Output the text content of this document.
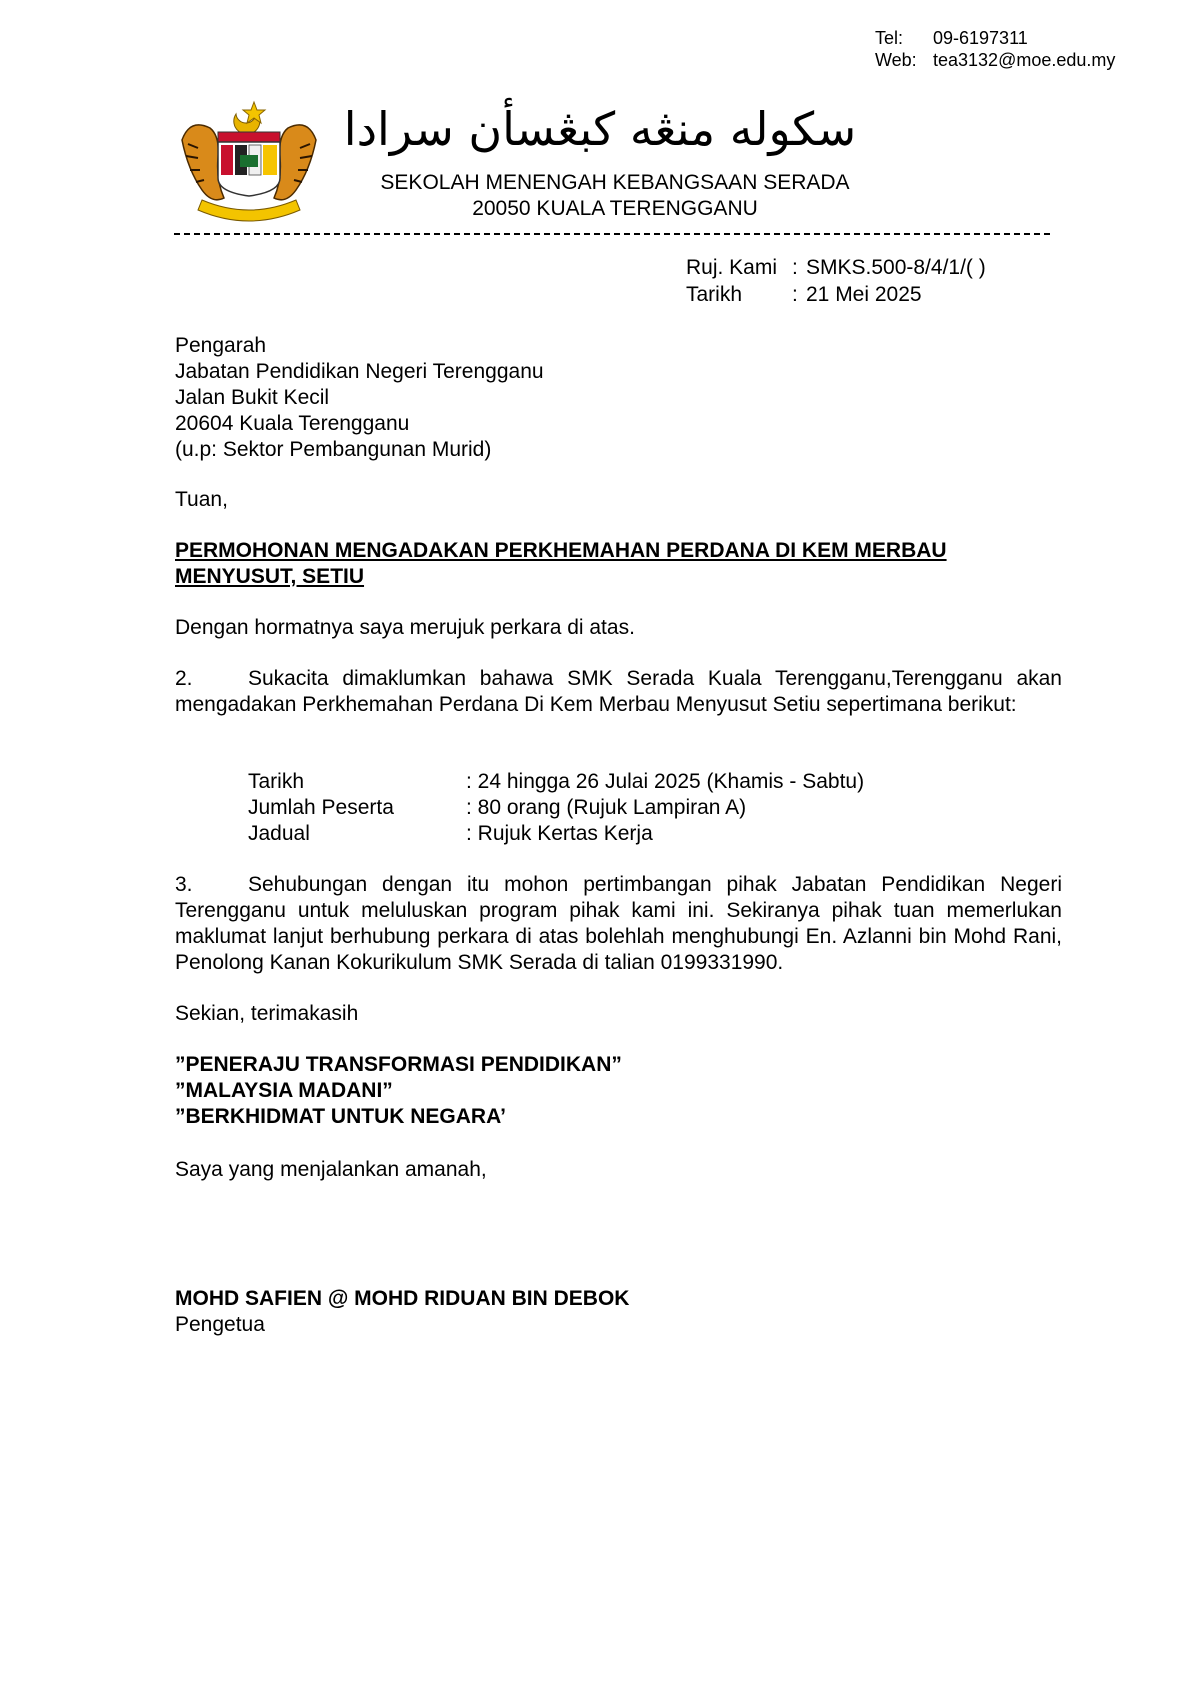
Tel:	09-6197311
Web: tea3132@moe.edu.my
سکوله منڠه کبڠسأن سرادا
SEKOLAH MENENGAH KEBANGSAAN SERADA
20050 KUALA TERENGGANU
Ruj. Kami : SMKS.500-8/4/1/( )
Tarikh	: 21 Mei 2025
Pengarah
Jabatan Pendidikan Negeri Terengganu
Jalan Bukit Kecil
20604 Kuala Terengganu
(u.p: Sektor Pembangunan Murid)
Tuan,
PERMOHONAN MENGADAKAN PERKHEMAHAN PERDANA DI KEM MERBAU MENYUSUT, SETIU
Dengan hormatnya saya merujuk perkara di atas.
2.	Sukacita dimaklumkan bahawa SMK Serada Kuala Terengganu,Terengganu akan mengadakan Perkhemahan Perdana Di Kem Merbau Menyusut Setiu sepertimana berikut:
Tarikh	: 24 hingga 26 Julai 2025 (Khamis - Sabtu)
Jumlah Peserta	: 80 orang (Rujuk Lampiran A)
Jadual	: Rujuk Kertas Kerja
3.	Sehubungan dengan itu mohon pertimbangan pihak Jabatan Pendidikan Negeri Terengganu untuk meluluskan program pihak kami ini. Sekiranya pihak tuan memerlukan maklumat lanjut berhubung perkara di atas bolehlah menghubungi En. Azlanni bin Mohd Rani, Penolong Kanan Kokurikulum SMK Serada di talian 0199331990.
Sekian, terimakasih
”PENERAJU TRANSFORMASI PENDIDIKAN”
”MALAYSIA MADANI”
”BERKHIDMAT UNTUK NEGARA’
Saya yang menjalankan amanah,
MOHD SAFIEN @ MOHD RIDUAN BIN DEBOK
Pengetua
